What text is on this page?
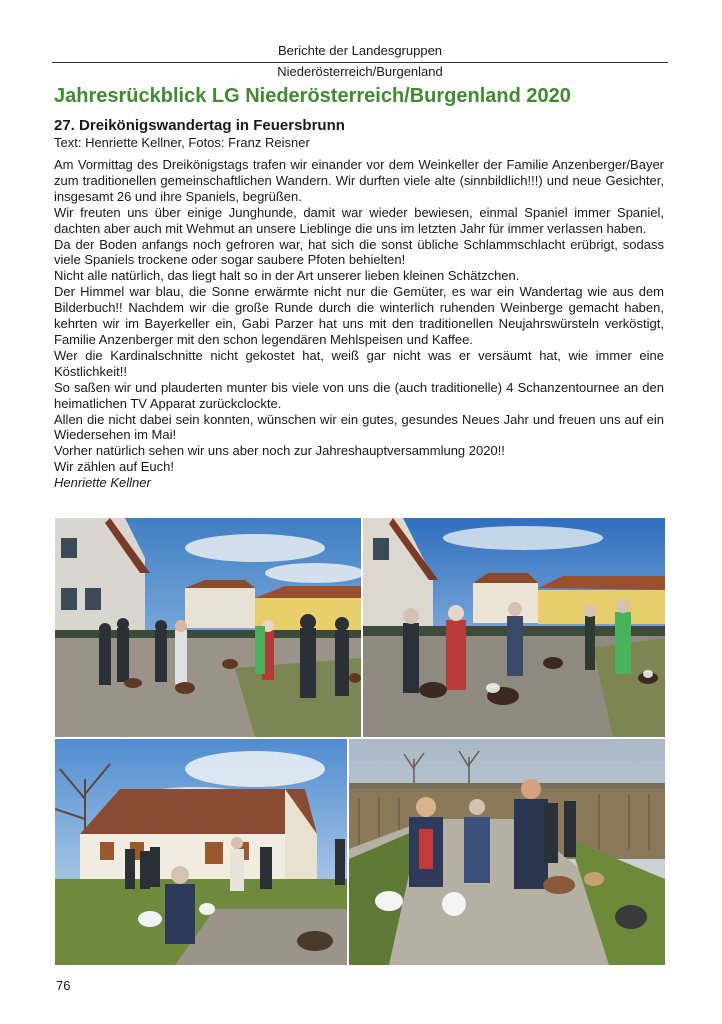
Berichte der Landesgruppen
Niederösterreich/Burgenland
Jahresrückblick LG Niederösterreich/Burgenland 2020
27. Dreikönigswandertag in Feuersbrunn
Text: Henriette Kellner, Fotos: Franz Reisner

Am Vormittag des Dreikönigstags trafen wir einander vor dem Weinkeller der Familie Anzenberger/Bayer zum traditionellen gemeinschaftlichen Wandern. Wir durften viele alte (sinnbildlich!!!) und neue Gesichter, insgesamt 26 und ihre Spaniels, begrüßen.

Wir freuten uns über einige Junghunde, damit war wieder bewiesen, einmal Spaniel immer Spaniel, dachten aber auch mit Wehmut an unsere Lieblinge die uns im letzten Jahr für immer verlassen haben.

Da der Boden anfangs noch gefroren war, hat sich die sonst übliche Schlammschlacht erübrigt, sodass viele Spaniels trockene oder sogar saubere Pfoten behielten!

Nicht alle natürlich, das liegt halt so in der Art unserer lieben kleinen Schätzchen.

Der Himmel war blau, die Sonne erwärmte nicht nur die Gemüter, es war ein Wandertag wie aus dem Bilderbuch!! Nachdem wir die große Runde durch die winterlich ruhenden Weinberge gemacht haben, kehrten wir im Bayerkeller ein, Gabi Parzer hat uns mit den traditionellen Neujahrswürsteln verköstigt, Familie Anzenberger mit den schon legendären Mehlspeisen und Kaffee.

Wer die Kardinalschnitte nicht gekostet hat, weiß gar nicht was er versäumt hat, wie immer eine Köstlichkeit!!

So saßen wir und plauderten munter bis viele von uns die (auch traditionelle) 4 Schanzentournee an den heimatlichen TV Apparat zurückclockte.

Allen die nicht dabei sein konnten, wünschen wir ein gutes, gesundes Neues Jahr und freuen uns auf ein Wiedersehen im Mai!

Vorher natürlich sehen wir uns aber noch zur Jahreshauptversammlung 2020!!

Wir zählen auf Euch!

Henriette Kellner

76
